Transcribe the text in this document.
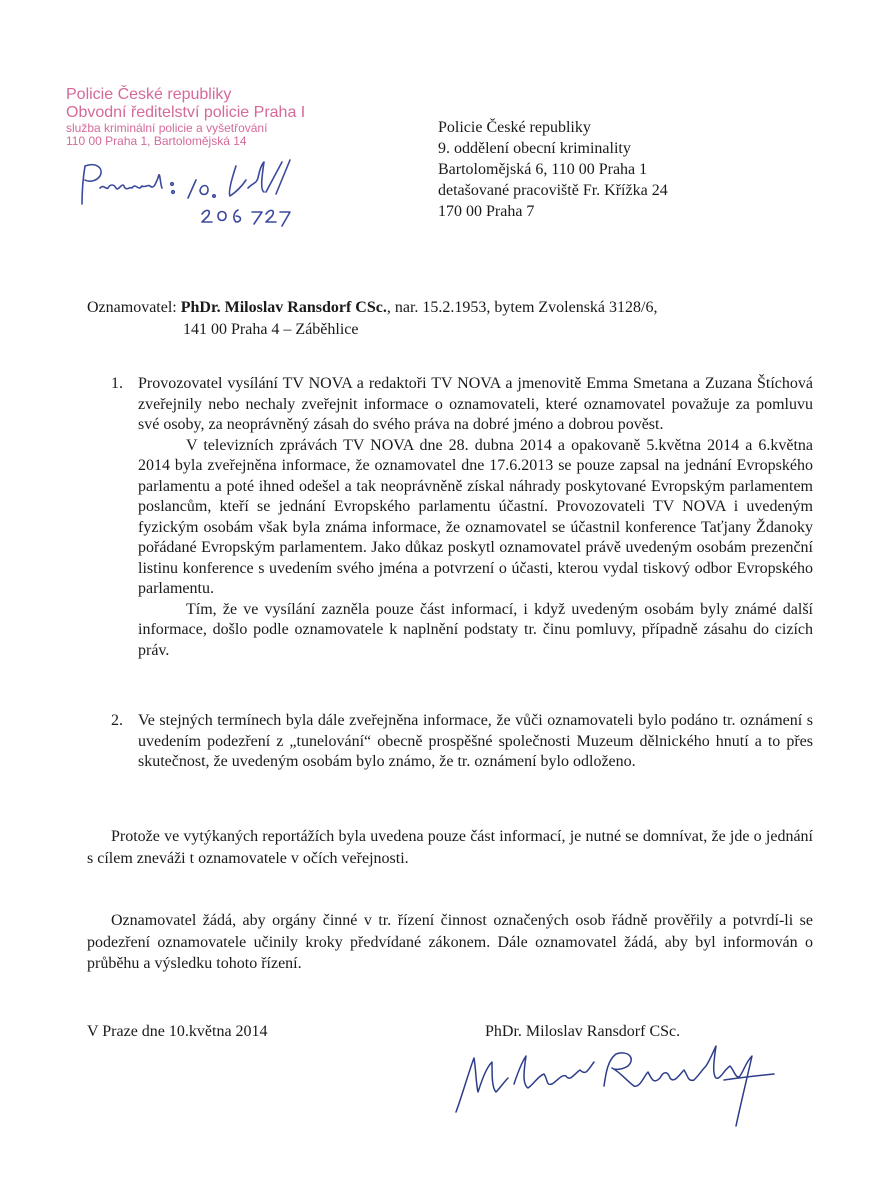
Policie České republiky
Obvodní ředitelství policie Praha I
služba kriminální policie a vyšetřování
110 00 Praha 1, Bartolomějská 14
Policie České republiky
9. oddělení obecní kriminality
Bartolomějská 6, 110 00 Praha 1
detašované pracoviště Fr. Křížka 24
170 00 Praha 7
Oznamovatel: PhDr. Miloslav Ransdorf CSc., nar. 15.2.1953, bytem Zvolenská 3128/6,
141 00 Praha 4 – Záběhlice
1. Provozovatel vysílání TV NOVA a redaktoři TV NOVA a jmenovitě Emma Smetana a Zuzana Štíchová zveřejnily nebo nechaly zveřejnit informace o oznamovateli, které oznamovatel považuje za pomluvu své osoby, za neoprávněný zásah do svého práva na dobré jméno a dobrou pověst.

V televizních zprávách TV NOVA dne 28. dubna 2014 a opakovaně 5.května 2014 a 6.května 2014 byla zveřejněna informace, že oznamovatel dne 17.6.2013 se pouze zapsal na jednání Evropského parlamentu a poté ihned odešel a tak neoprávněně získal náhrady poskytované Evropským parlamentem poslancům, kteří se jednání Evropského parlamentu účastní. Provozovateli TV NOVA i uvedeným fyzickým osobám však byla známa informace, že oznamovatel se účastnil konference Taťjany Ždanoky pořádané Evropským parlamentem. Jako důkaz poskytl oznamovatel právě uvedeným osobám prezenční listinu konference s uvedením svého jména a potvrzení o účasti, kterou vydal tiskový odbor Evropského parlamentu.

Tím, že ve vysílání zazněla pouze část informací, i když uvedeným osobám byly známé další informace, došlo podle oznamovatele k naplnění podstaty tr. činu pomluvy, případně zásahu do cizích práv.

2. Ve stejných termínech byla dále zveřejněna informace, že vůči oznamovateli bylo podáno tr. oznámení s uvedením podezření z „tunelování“ obecně prospěšné společnosti Muzeum dělnického hnutí a to přes skutečnost, že uvedeným osobám bylo známo, že tr. oznámení bylo odloženo.

Protože ve vytýkaných reportážích byla uvedena pouze část informací, je nutné se domnívat, že jde o jednání s cílem zneváži t oznamovatele v očích veřejnosti.
Oznamovatel žádá, aby orgány činné v tr. řízení činnost označených osob řádně prověřily a potvrdí-li se podezření oznamovatele učinily kroky předvídané zákonem. Dále oznamovatel žádá, aby byl informován o průběhu a výsledku tohoto řízení.
V Praze dne 10.května 2014	PhDr. Miloslav Ransdorf CSc.
